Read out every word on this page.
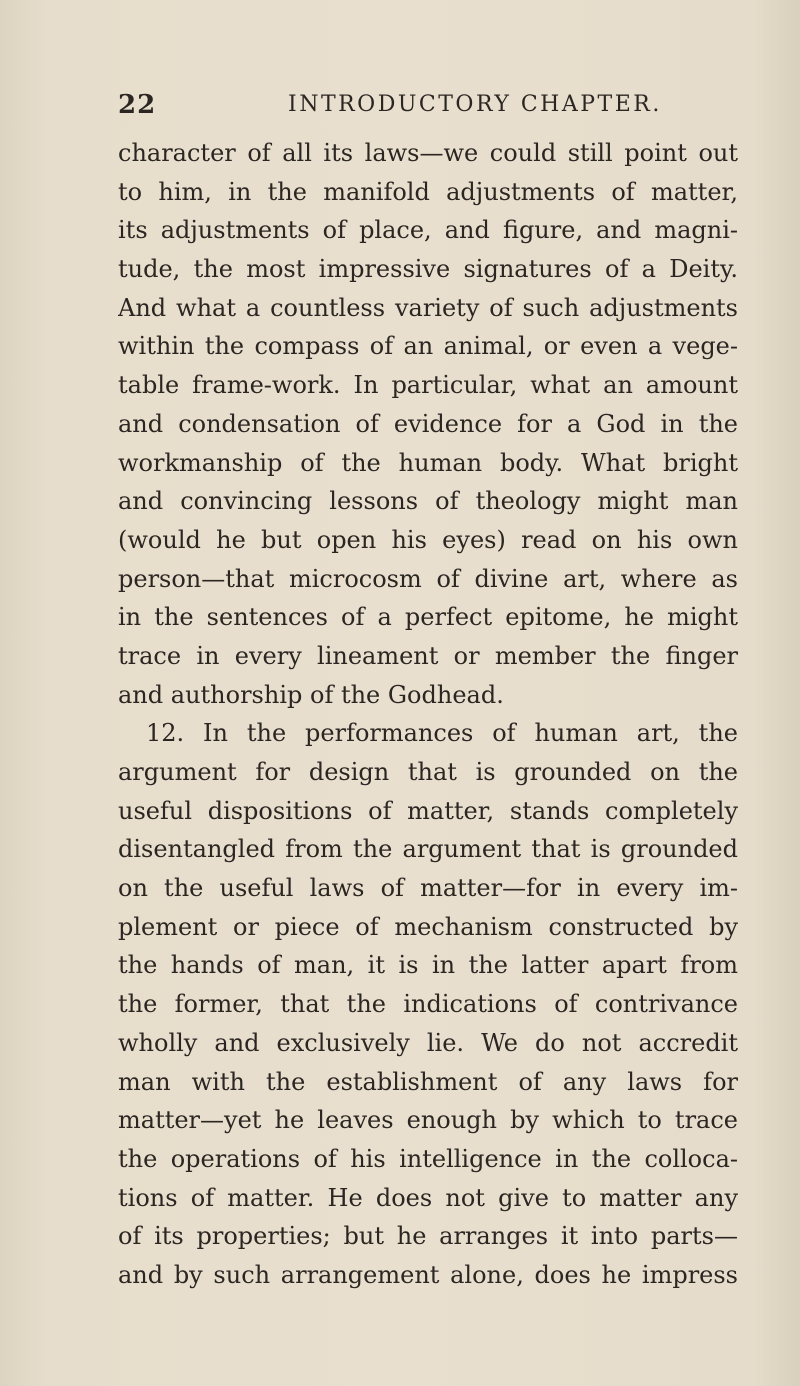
22	INTRODUCTORY CHAPTER.
character of all its laws—we could still point out
to him, in the manifold adjustments of matter,
its adjustments of place, and figure, and magni-
tude, the most impressive signatures of a Deity.
And what a countless variety of such adjustments
within the compass of an animal, or even a vege-
table frame-work. In particular, what an amount
and condensation of evidence for a God in the
workmanship of the human body. What bright
and convincing lessons of theology might man
(would he but open his eyes) read on his own
person—that microcosm of divine art, where as
in the sentences of a perfect epitome, he might
trace in every lineament or member the finger
and authorship of the Godhead.
12. In the performances of human art, the
argument for design that is grounded on the
useful dispositions of matter, stands completely
disentangled from the argument that is grounded
on the useful laws of matter—for in every im-
plement or piece of mechanism constructed by
the hands of man, it is in the latter apart from
the former, that the indications of contrivance
wholly and exclusively lie. We do not accredit
man with the establishment of any laws for
matter—yet he leaves enough by which to trace
the operations of his intelligence in the colloca-
tions of matter. He does not give to matter any
of its properties; but he arranges it into parts—
and by such arrangement alone, does he impress
